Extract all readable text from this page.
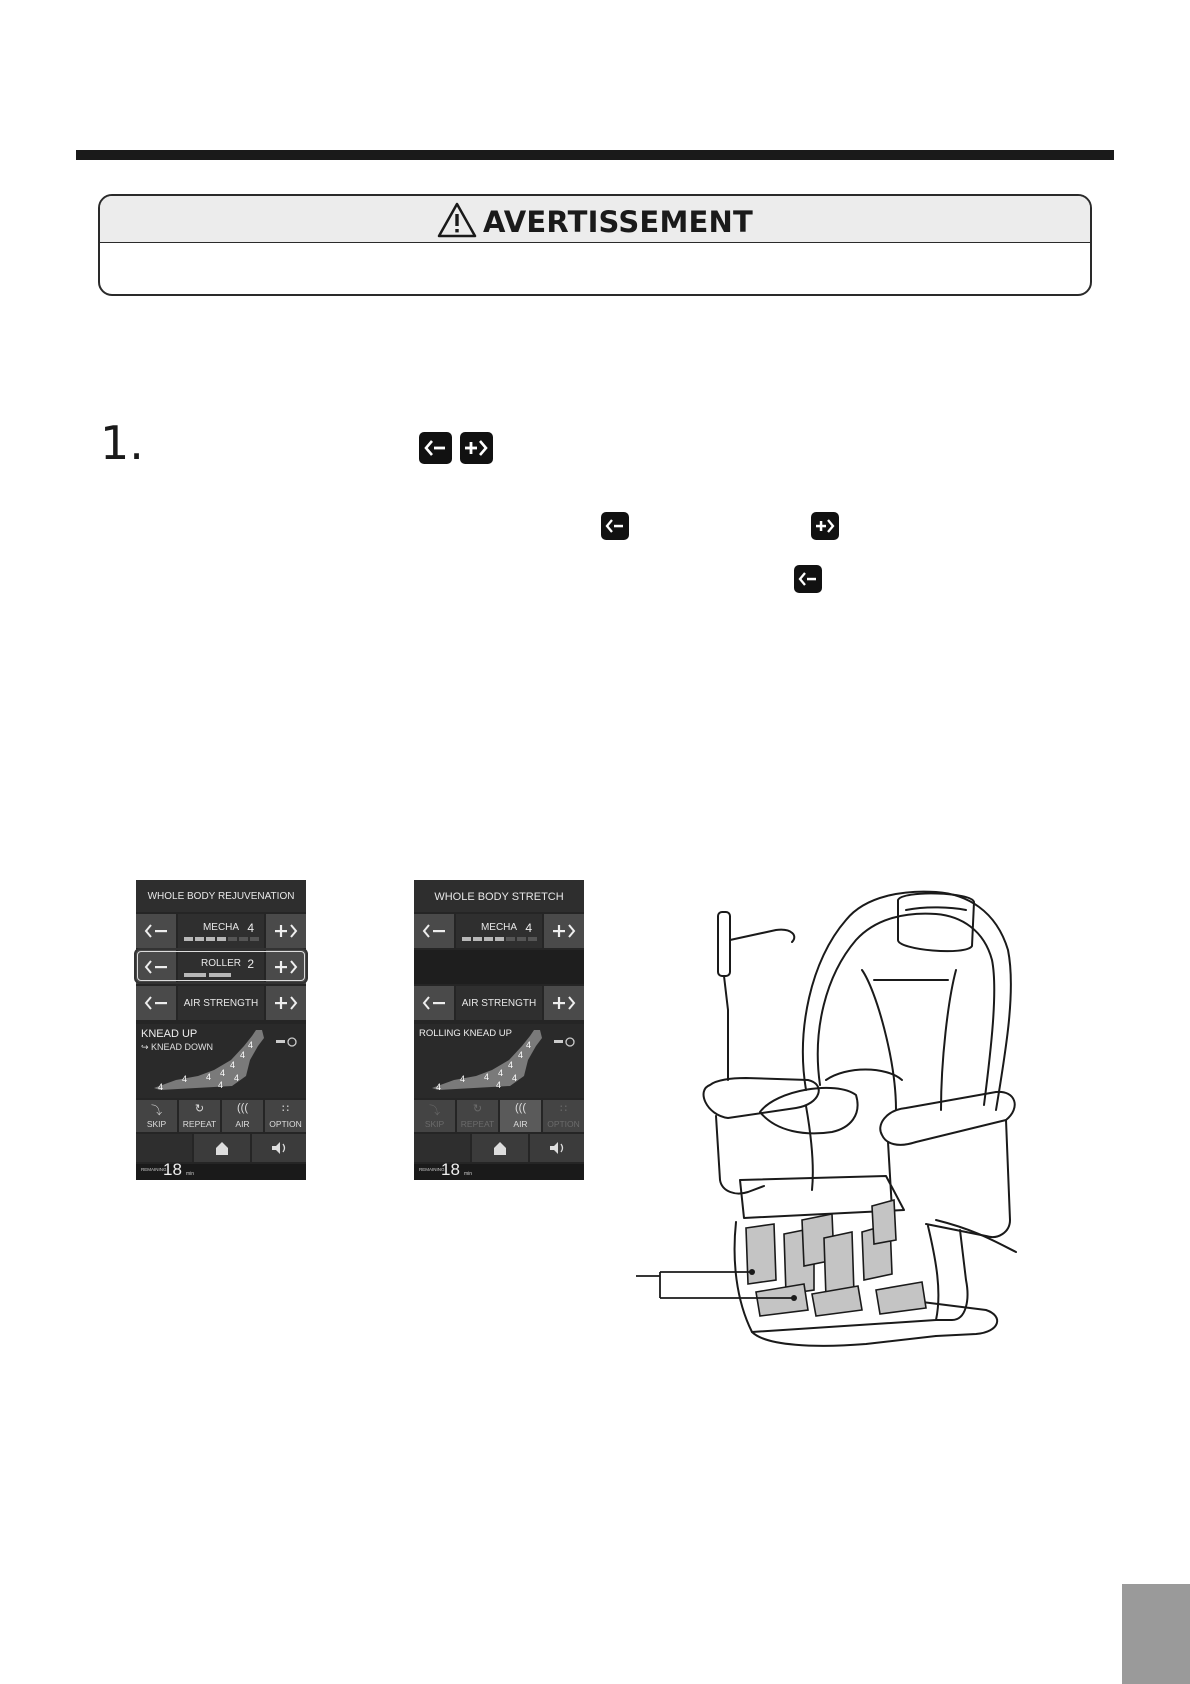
AVERTISSEMENT
1.
WHOLE BODY REJUVENATION
MECHA 4
ROLLER 2
AIR STRENGTH
KNEAD UP
↪ KNEAD DOWN
4
4 4 4
4
4
4
4
4
⤵
SKIP
↻
REPEAT
(((
AIR
∷
OPTION
REMAINING
18 min
WHOLE BODY STRETCH
MECHA 4
AIR STRENGTH
ROLLING KNEAD UP
4
4 4 4
4
4
4
4
4
⤵
SKIP
↻
REPEAT
(((
AIR
∷
OPTION
REMAINING
18 min
